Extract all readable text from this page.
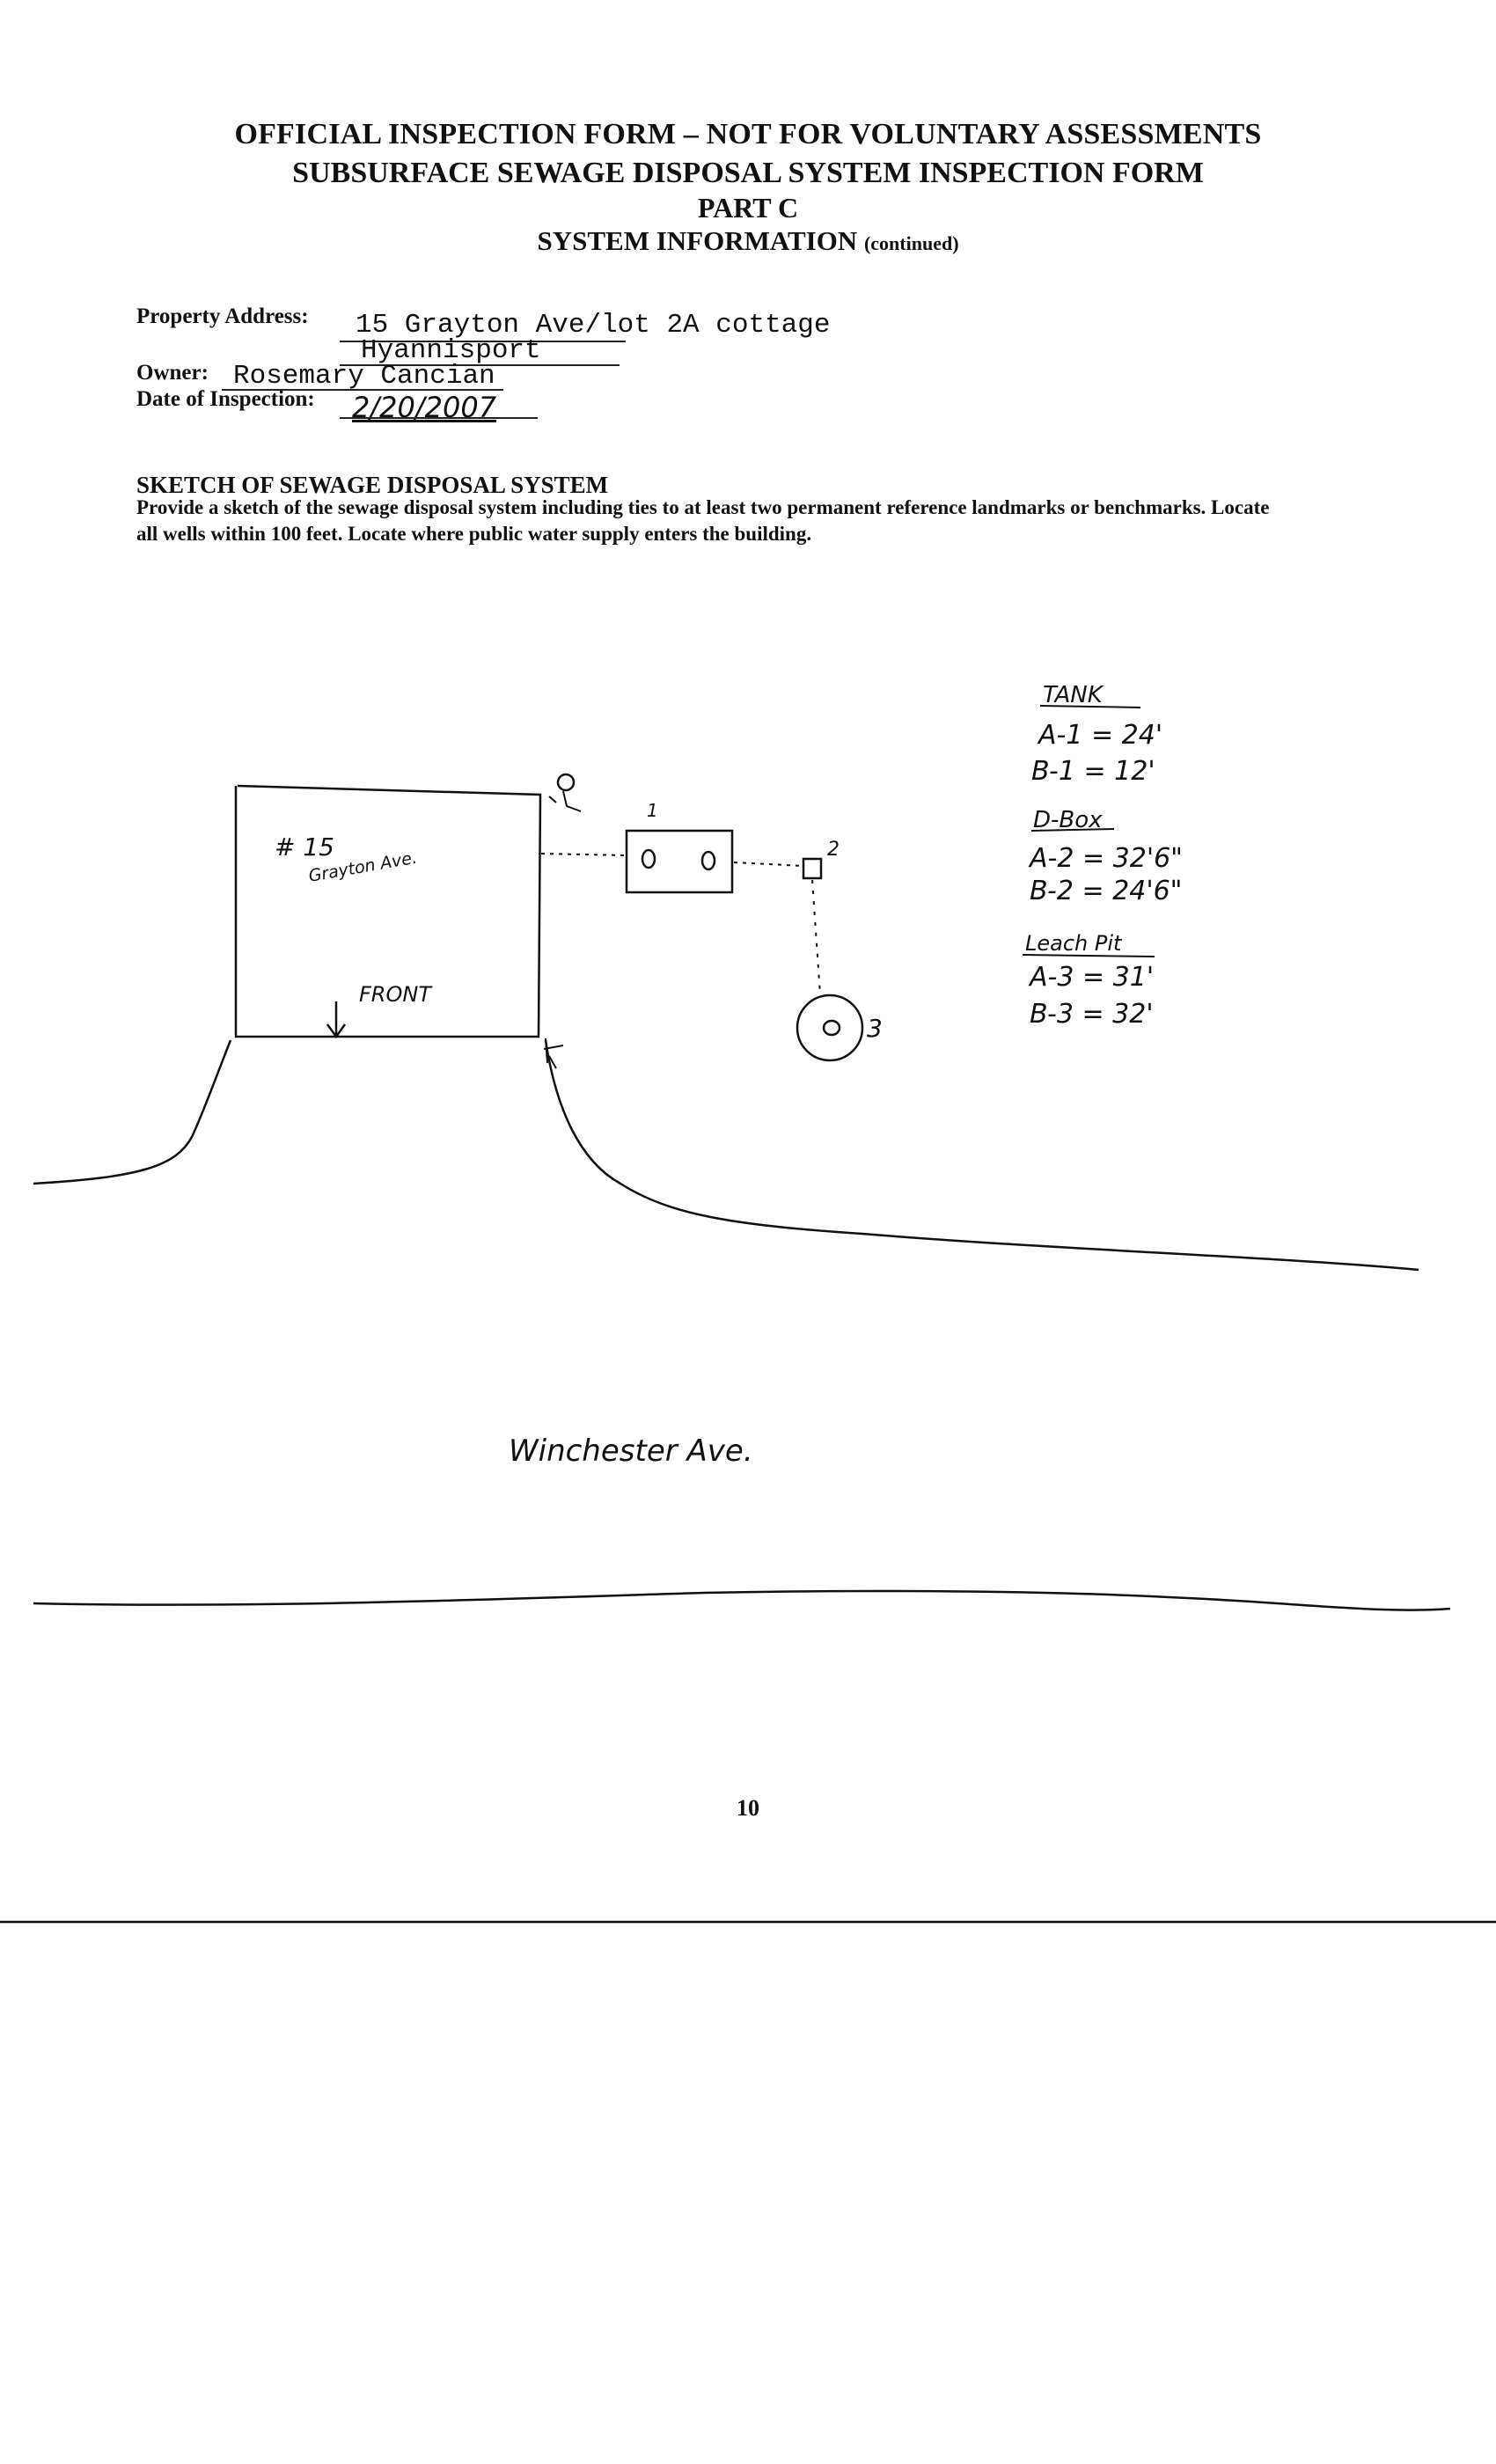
OFFICIAL INSPECTION FORM – NOT FOR VOLUNTARY ASSESSMENTS
SUBSURFACE SEWAGE DISPOSAL SYSTEM INSPECTION FORM
PART C
SYSTEM INFORMATION (continued)
Property Address: 15 Grayton Ave/lot 2A cottage
Hyannisport
Owner: Rosemary Cancian
Date of Inspection: 2/20/2007
SKETCH OF SEWAGE DISPOSAL SYSTEM
Provide a sketch of the sewage disposal system including ties to at least two permanent reference landmarks or benchmarks. Locate all wells within 100 feet. Locate where public water supply enters the building.
# 15
Grayton Ave.
FRONT
1
2
3
Winchester Ave.
TANK
A-1 = 24'
B-1 = 12'
D-Box
A-2 = 32'6"
B-2 = 24'6"
Leach Pit
A-3 = 31'
B-3 = 32'
10
